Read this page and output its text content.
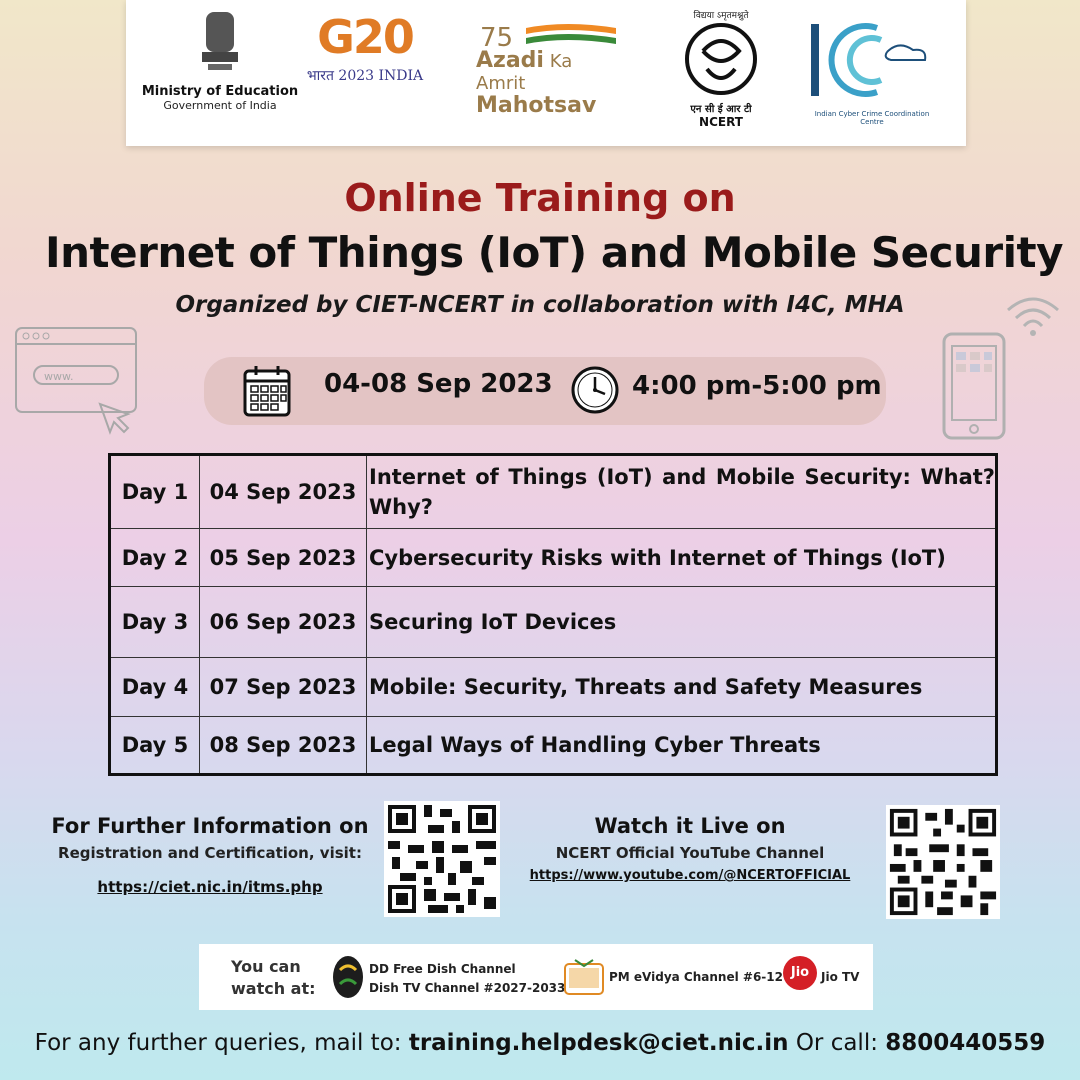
www.
Ministry of Education
Government of India
G20
भारत 2023 INDIA
75
Azadi Ka
Amrit Mahotsav
विद्यया ऽमृतमश्नुते
एन सी ई आर टी
NCERT
Indian Cyber Crime Coordination Centre
Online Training on
Internet of Things (IoT) and Mobile Security
Organized by CIET-NCERT in collaboration with I4C, MHA
04-08 Sep 2023	4:00 pm-5:00 pm
Day 1	04 Sep 2023	Internet of Things (IoT) and Mobile Security: What? Why?
Day 2	05 Sep 2023	Cybersecurity Risks with Internet of Things (IoT)
Day 3	06 Sep 2023	Securing IoT Devices
Day 4	07 Sep 2023	Mobile: Security, Threats and Safety Measures
Day 5	08 Sep 2023	Legal Ways of Handling Cyber Threats
For Further Information on
Registration and Certification, visit:
https://ciet.nic.in/itms.php
Watch it Live on
NCERT Official YouTube Channel
https://www.youtube.com/@NCERTOFFICIAL
You can
watch at:
DD Free Dish Channel
Dish TV Channel #2027-2033
PM eVidya Channel #6-12 Jio Jio TV
For any further queries, mail to: training.helpdesk@ciet.nic.in Or call: 8800440559
